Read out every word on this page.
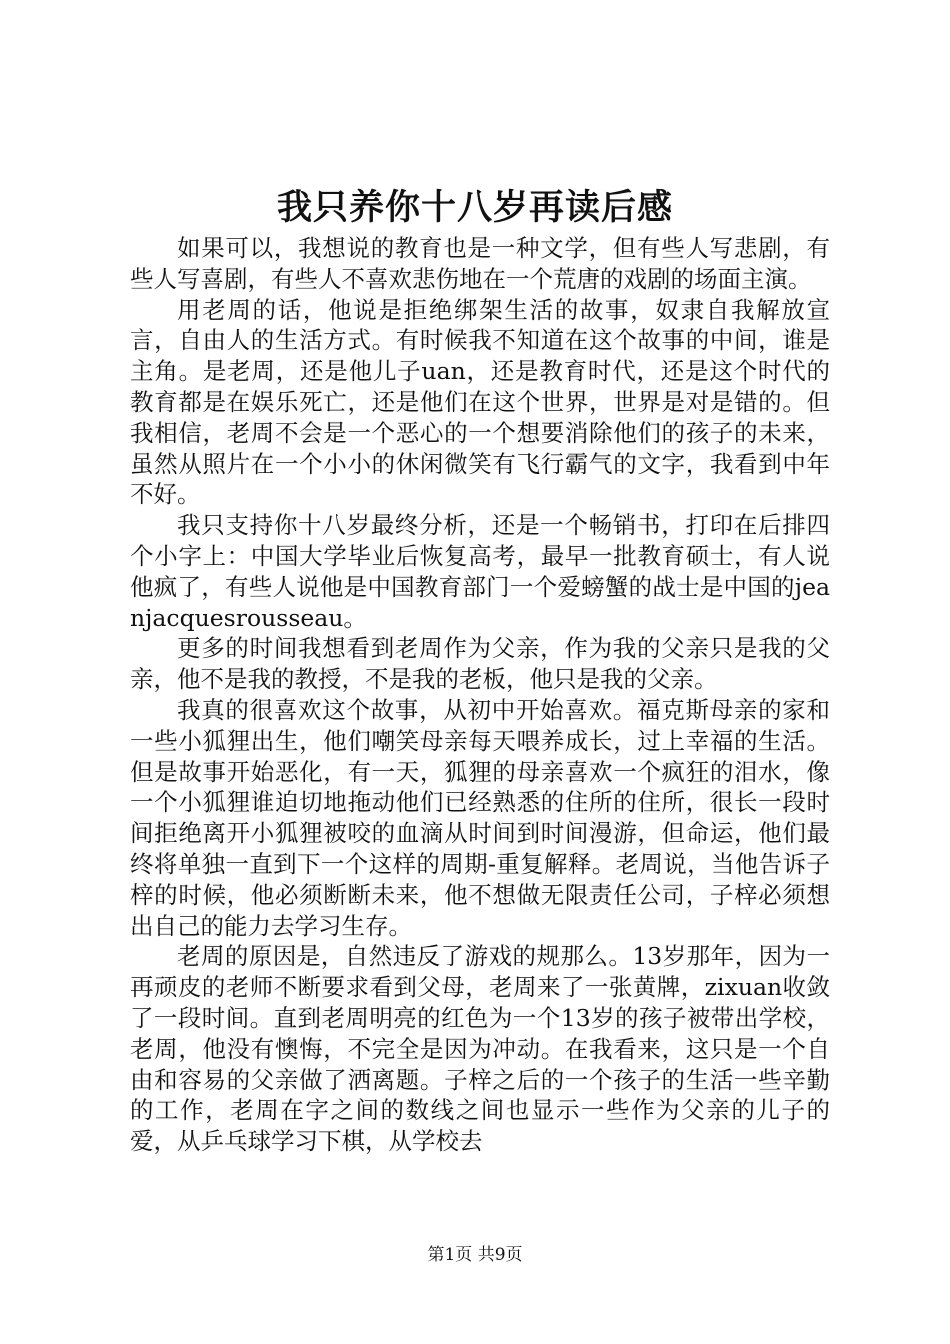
我只养你十八岁再读后感

如果可以，我想说的教育也是一种文学，但有些人写悲剧，有些人写喜剧，有些人不喜欢悲伤地在一个荒唐的戏剧的场面主演。

用老周的话，他说是拒绝绑架生活的故事，奴隶自我解放宣言，自由人的生活方式。有时候我不知道在这个故事的中间，谁是主角。是老周，还是他儿子uan，还是教育时代，还是这个时代的教育都是在娱乐死亡，还是他们在这个世界，世界是对是错的。但我相信，老周不会是一个恶心的一个想要消除他们的孩子的未来，虽然从照片在一个小小的休闲微笑有飞行霸气的文字，我看到中年不好。

我只支持你十八岁最终分析，还是一个畅销书，打印在后排四个小字上：中国大学毕业后恢复高考，最早一批教育硕士，有人说他疯了，有些人说他是中国教育部门一个爱螃蟹的战士是中国的jeanjacquesrousseau。

更多的时间我想看到老周作为父亲，作为我的父亲只是我的父亲，他不是我的教授，不是我的老板，他只是我的父亲。

我真的很喜欢这个故事，从初中开始喜欢。福克斯母亲的家和一些小狐狸出生，他们嘲笑母亲每天喂养成长，过上幸福的生活。但是故事开始恶化，有一天，狐狸的母亲喜欢一个疯狂的泪水，像一个小狐狸谁迫切地拖动他们已经熟悉的住所的住所，很长一段时间拒绝离开小狐狸被咬的血滴从时间到时间漫游，但命运，他们最终将单独一直到下一个这样的周期-重复解释。老周说，当他告诉子梓的时候，他必须断断未来，他不想做无限责任公司，子梓必须想出自己的能力去学习生存。

老周的原因是，自然违反了游戏的规那么。13岁那年，因为一再顽皮的老师不断要求看到父母，老周来了一张黄牌，zixuan收敛了一段时间。直到老周明亮的红色为一个13岁的孩子被带出学校，老周，他没有懊悔，不完全是因为冲动。在我看来，这只是一个自由和容易的父亲做了洒离题。子梓之后的一个孩子的生活一些辛勤的工作，老周在字之间的数线之间也显示一些作为父亲的儿子的爱，从乒乓球学习下棋，从学校去

第1页 共9页
